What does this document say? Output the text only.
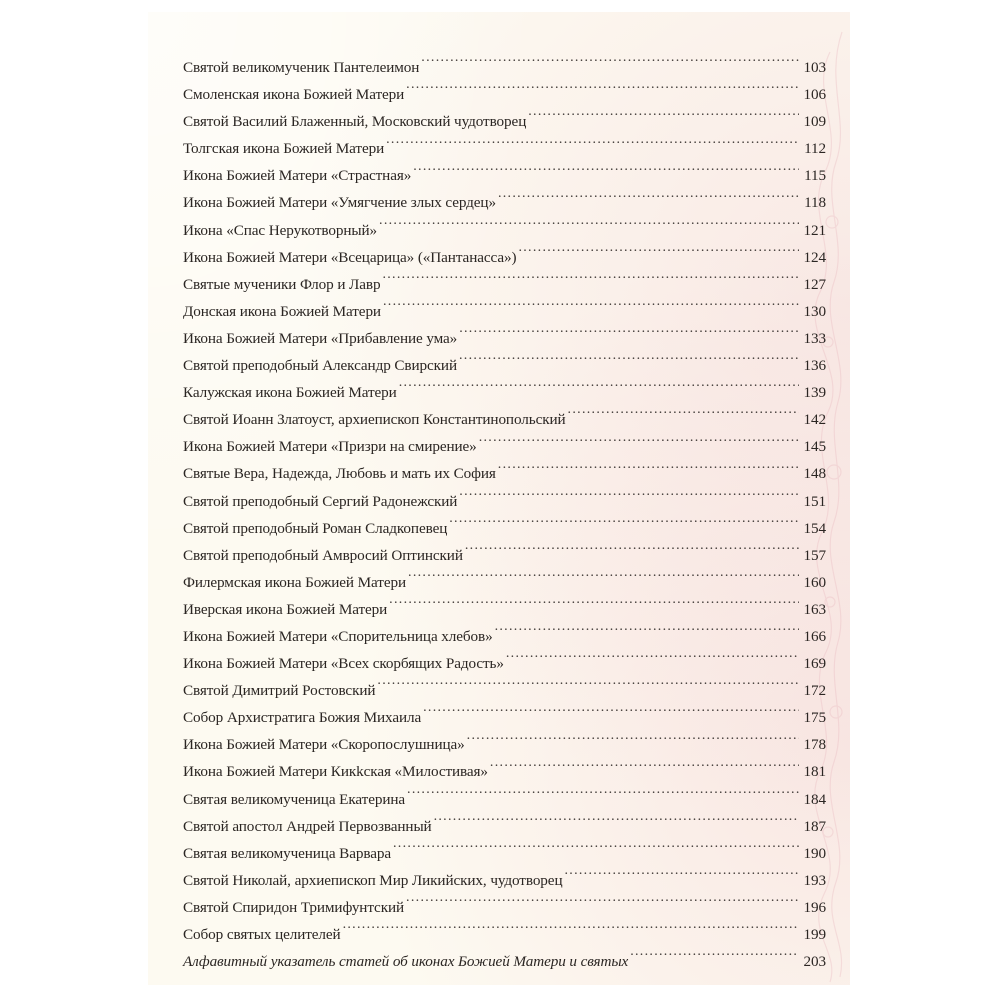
Святой великомученик Пантелеимон . . .	103
Смоленская икона Божией Матери . . .	106
Святой Василий Блаженный, Московский чудотворец . . .	109
Толгская икона Божией Матери . . .	112
Икона Божией Матери «Страстная» . . .	115
Икона Божией Матери «Умягчение злых сердец» . . .	118
Икона «Спас Нерукотворный» . . .	121
Икона Божией Матери «Всецарица» («Пантанасса») . . .	124
Святые мученики Флор и Лавр . . .	127
Донская икона Божией Матери . . .	130
Икона Божией Матери «Прибавление ума» . . .	133
Святой преподобный Александр Свирский . . .	136
Калужская икона Божией Матери . . .	139
Святой Иоанн Златоуст, архиепископ Константинопольский . . .	142
Икона Божией Матери «Призри на смирение» . . .	145
Святые Вера, Надежда, Любовь и мать их София . . .	148
Святой преподобный Сергий Радонежский . . .	151
Святой преподобный Роман Сладкопевец . . .	154
Святой преподобный Амвросий Оптинский . . .	157
Филермская икона Божией Матери . . .	160
Иверская икона Божией Матери . . .	163
Икона Божией Матери «Спорительница хлебов» . . .	166
Икона Божией Матери «Всех скорбящих Радость» . . .	169
Святой Димитрий Ростовский . . .	172
Собор Архистратига Божия Михаила . . .	175
Икона Божией Матери «Скоропослушница» . . .	178
Икона Божией Матери Кикkская «Милостивая» . . .	181
Святая великомученица Екатерина . . .	184
Святой апостол Андрей Первозванный . . .	187
Святая великомученица Варвара . . .	190
Святой Николай, архиепископ Мир Ликийских, чудотворец . . .	193
Святой Спиридон Тримифунтский . . .	196
Собор святых целителей . . .	199
Алфавитный указатель статей об иконах Божией Матери и святых . . .	203
